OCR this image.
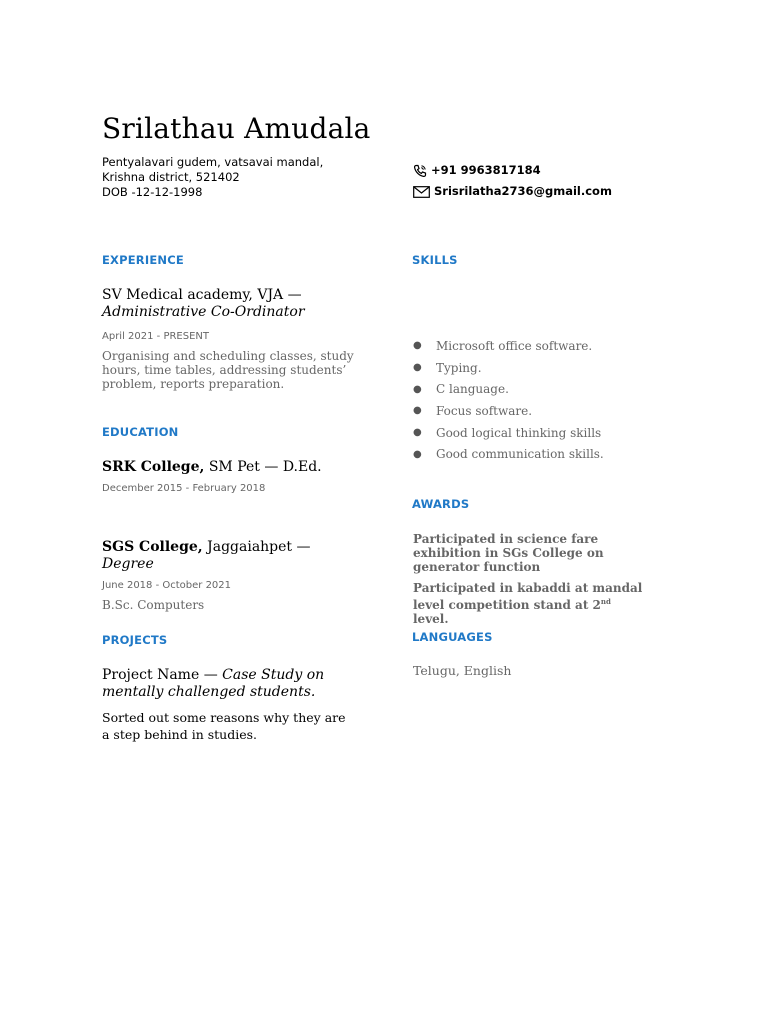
Srilathau Amudala
Pentyalavari gudem, vatsavai mandal,
Krishna district, 521402
DOB -12-12-1998
+91 9963817184
Srisrilatha2736@gmail.com
EXPERIENCE
SV Medical academy, VJA —
Administrative Co-Ordinator
April 2021 - PRESENT
Organising and scheduling classes, study hours, time tables, addressing students’ problem, reports preparation.
EDUCATION
SRK College, SM Pet — D.Ed.
December 2015 - February 2018
SGS College, Jaggaiahpet — Degree
June 2018 - October 2021
B.Sc. Computers
PROJECTS
Project Name — Case Study on mentally challenged students.
Sorted out some reasons why they are a step behind in studies.
SKILLS
●	Microsoft office software.
●	Typing.
●	C language.
●	Focus software.
●	Good logical thinking skills
●	Good communication skills.
AWARDS
Participated in science fare exhibition in SGs College on generator function
Participated in kabaddi at mandal level competition stand at 2nd level.
LANGUAGES
Telugu, English
